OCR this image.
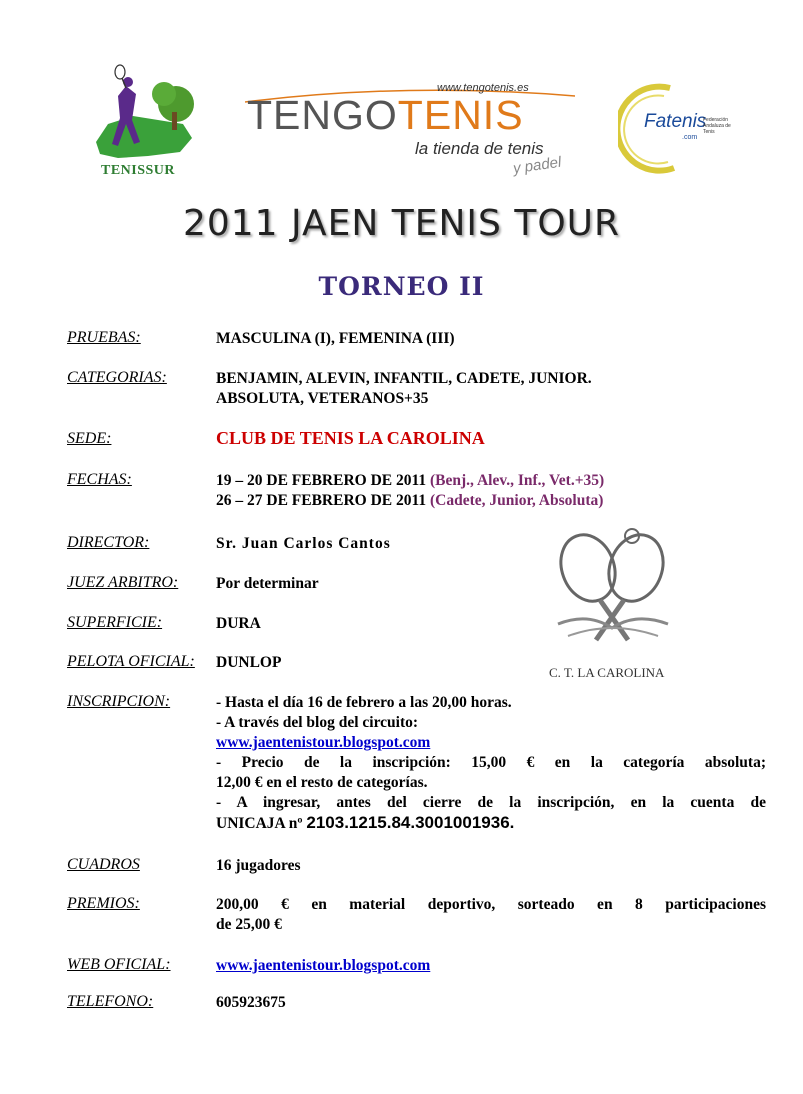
TENISSUR
www.tengotenis.es
TENGOTENIS
la tienda de tenis
y padel
Fatenis
.com
Federación Andaluza de Tenis
2011 JAEN TENIS TOUR
TORNEO II
PRUEBAS:	MASCULINA (I), FEMENINA (III)
CATEGORIAS:	BENJAMIN, ALEVIN, INFANTIL, CADETE, JUNIOR.
ABSOLUTA, VETERANOS+35
SEDE:	CLUB DE TENIS LA CAROLINA
FECHAS:	19 – 20 DE FEBRERO DE 2011 (Benj., Alev., Inf., Vet.+35)
26 – 27 DE FEBRERO DE 2011 (Cadete, Junior, Absoluta)
DIRECTOR:	Sr. Juan Carlos Cantos
JUEZ ARBITRO: Por determinar
SUPERFICIE:	DURA
PELOTA OFICIAL: DUNLOP
C. T. LA CAROLINA
INSCRIPCION:	- Hasta el día 16 de febrero a las 20,00 horas.
- A través del blog del circuito:
www.jaentenistour.blogspot.com
- Precio de la inscripción: 15,00 € en la categoría absoluta;
12,00 € en el resto de categorías.
- A ingresar, antes del cierre de la inscripción, en la cuenta de
UNICAJA nº 2103.1215.84.3001001936.
CUADROS	16 jugadores
PREMIOS:	200,00 € en material deportivo, sorteado en 8 participaciones
de 25,00 €
WEB OFICIAL:	www.jaentenistour.blogspot.com
TELEFONO:	605923675
